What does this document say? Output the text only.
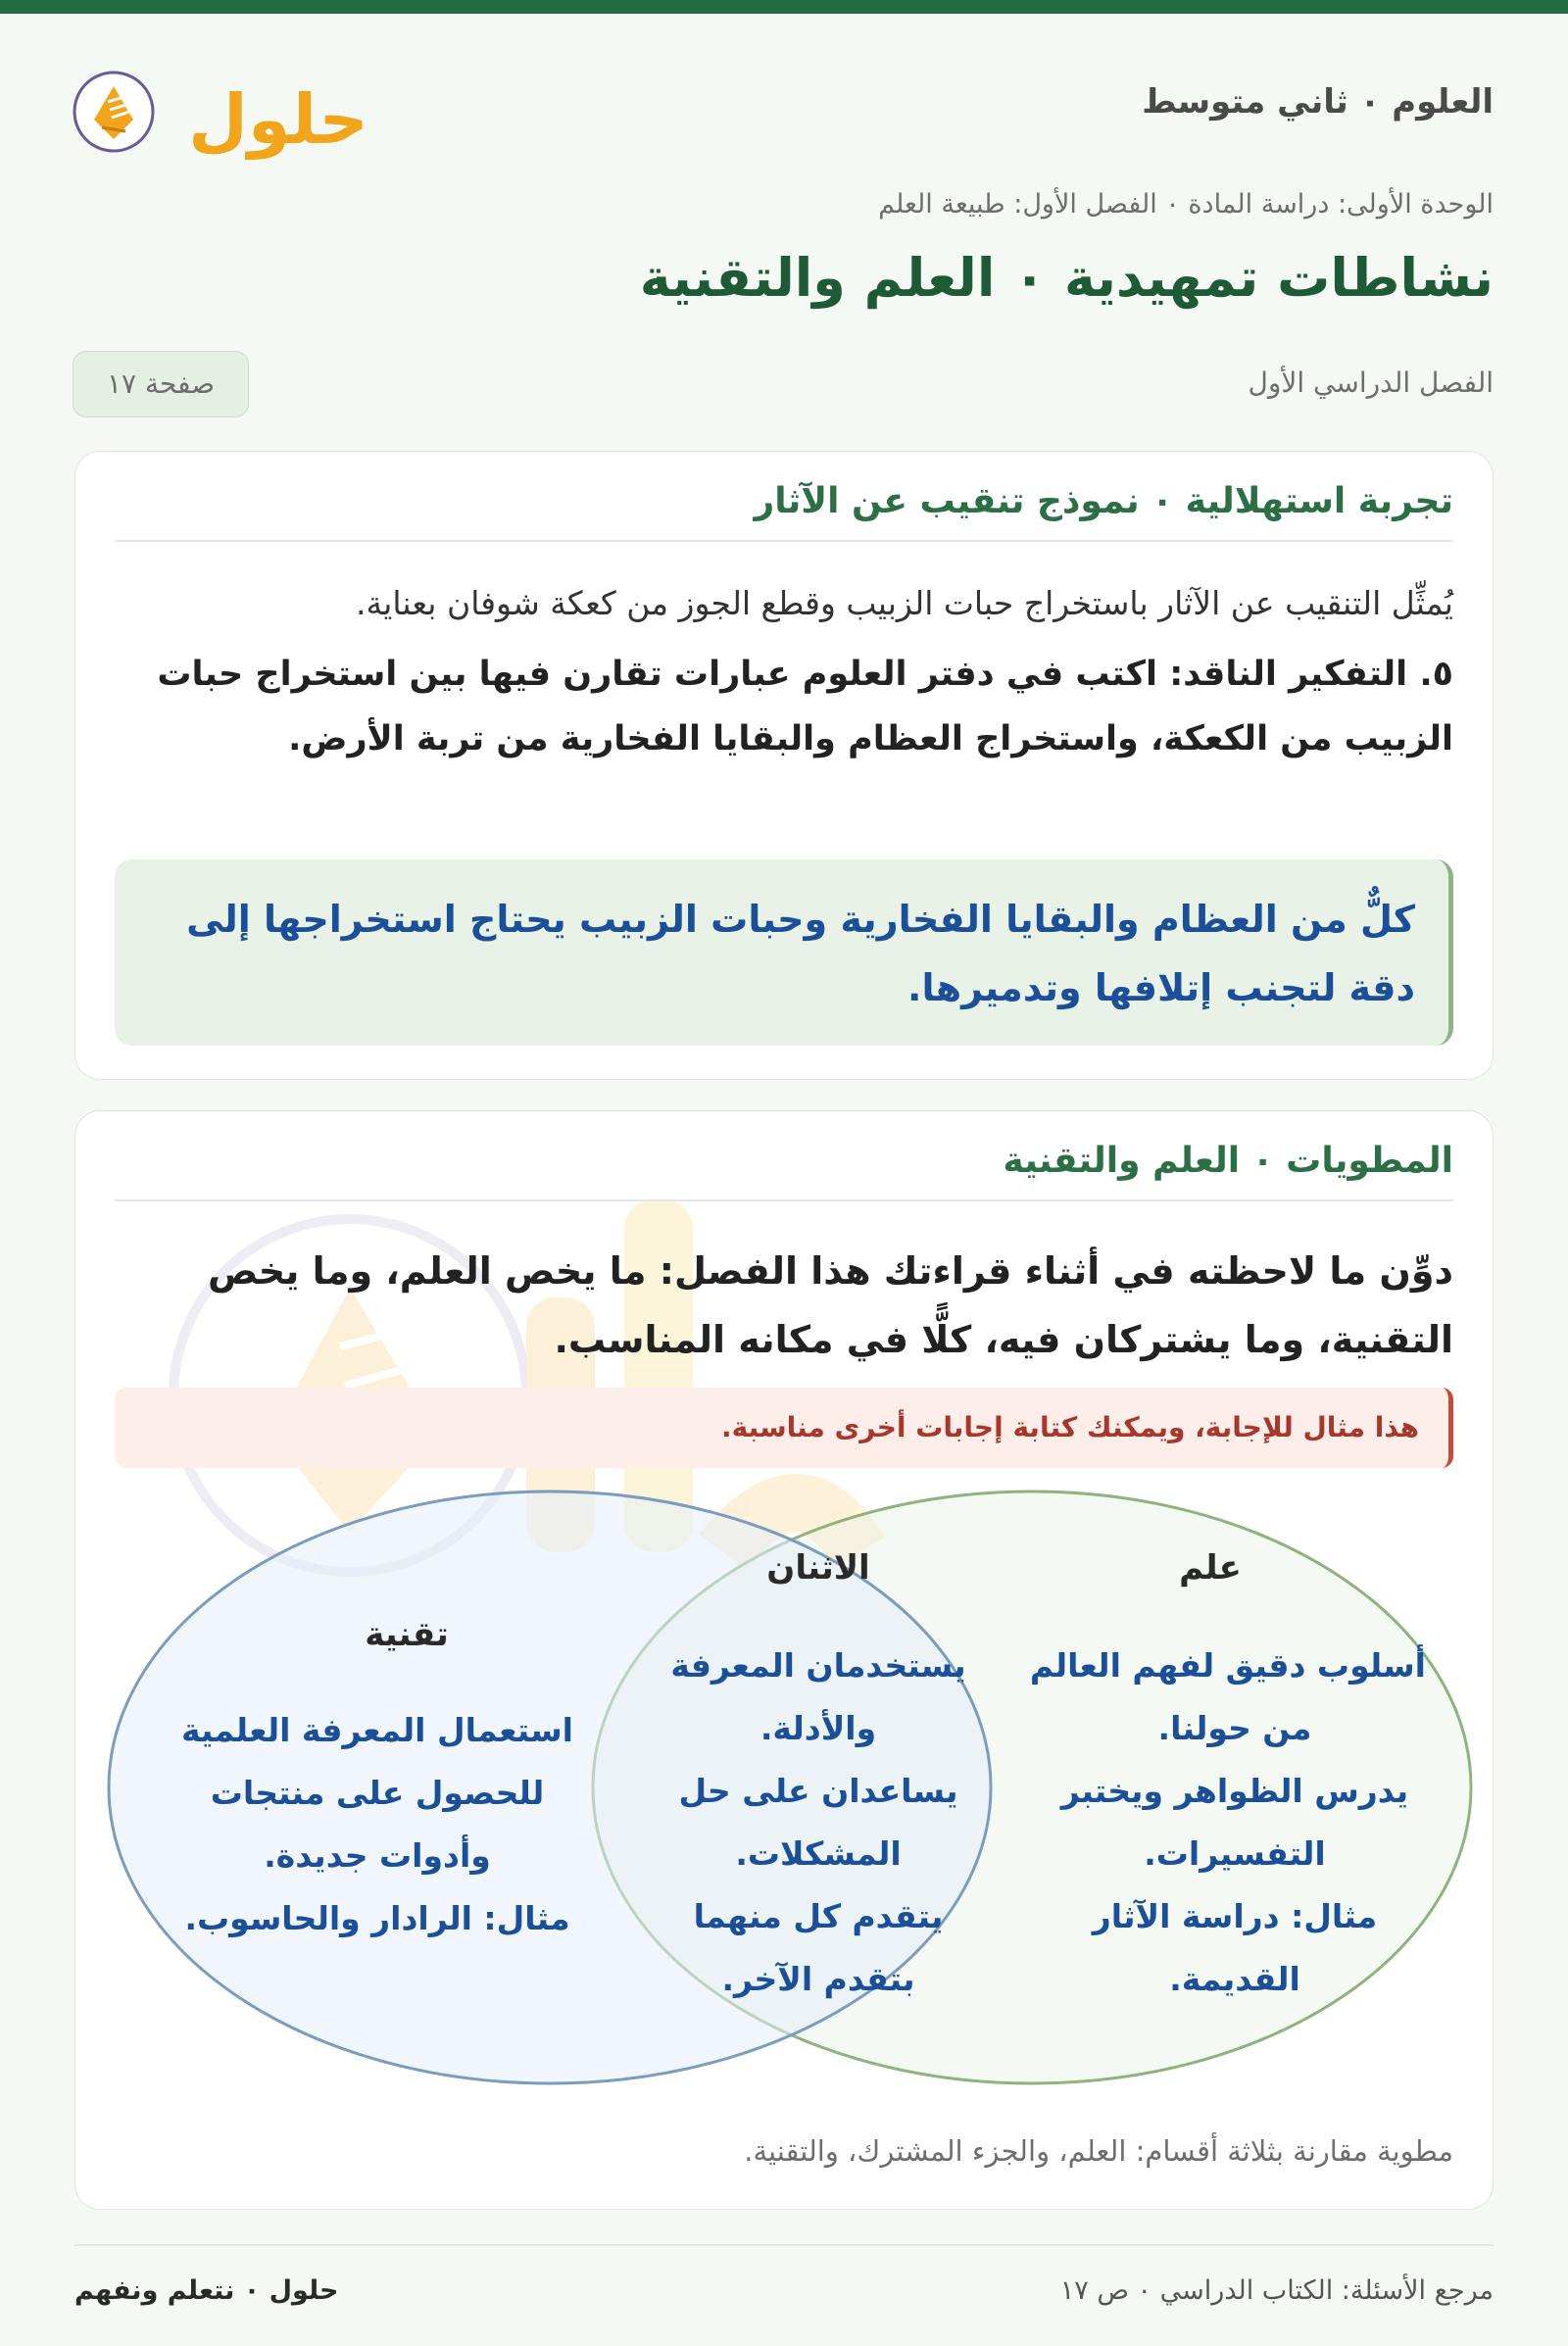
العلوم ٠ ثاني متوسط
حلول
الوحدة الأولى: دراسة المادة ٠ الفصل الأول: طبيعة العلم
نشاطات تمهيدية ٠ العلم والتقنية
الفصل الدراسي الأول
صفحة ١٧
تجربة استهلالية ٠ نموذج تنقيب عن الآثار
يُمثِّل التنقيب عن الآثار باستخراج حبات الزبيب وقطع الجوز من كعكة شوفان بعناية.
٥. التفكير الناقد: اكتب في دفتر العلوم عبارات تقارن فيها بين استخراج حبات الزبيب من الكعكة، واستخراج العظام والبقايا الفخارية من تربة الأرض.
كلٌّ من العظام والبقايا الفخارية وحبات الزبيب يحتاج استخراجها إلى دقة لتجنب إتلافها وتدميرها.
المطويات ٠ العلم والتقنية
دوِّن ما لاحظته في أثناء قراءتك هذا الفصل: ما يخص العلم، وما يخص التقنية، وما يشتركان فيه، كلًّا في مكانه المناسب.
هذا مثال للإجابة، ويمكنك كتابة إجابات أخرى مناسبة.
علم
الاثنان
تقنية
أسلوب دقيق لفهم العالم
من حولنا.
يدرس الظواهر ويختبر
التفسيرات.
مثال: دراسة الآثار
القديمة.
يستخدمان المعرفة
والأدلة.
يساعدان على حل
المشكلات.
يتقدم كل منهما
بتقدم الآخر.
استعمال المعرفة العلمية
للحصول على منتجات
وأدوات جديدة.
مثال: الرادار والحاسوب.
مطوية مقارنة بثلاثة أقسام: العلم، والجزء المشترك، والتقنية.
مرجع الأسئلة: الكتاب الدراسي ٠ ص ١٧
حلول ٠ نتعلم ونفهم
